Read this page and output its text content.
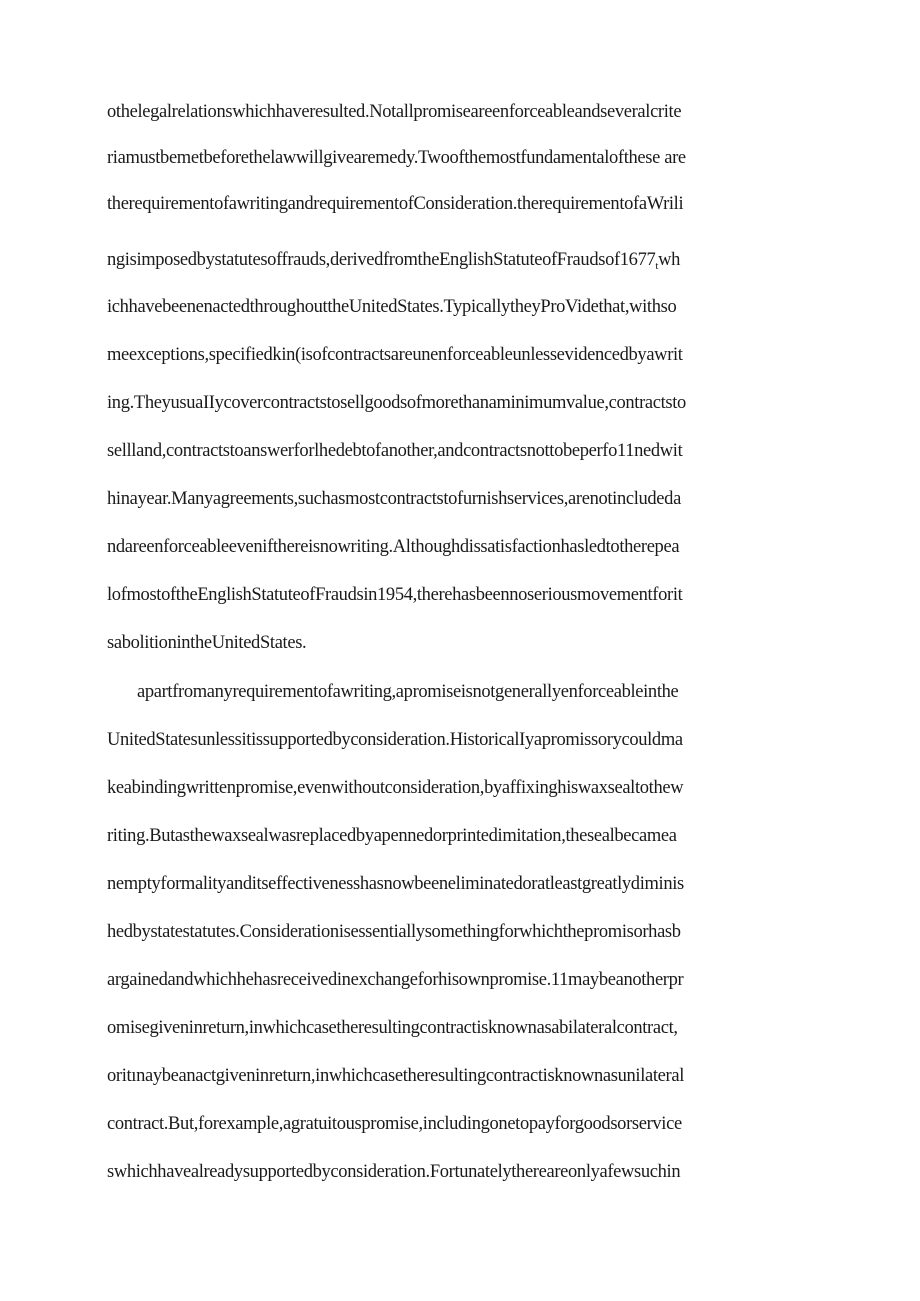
othelegalrelationswhichhaveresulted.Notallpromiseareenforceableandseveralcrite
riamustbemetbeforethelawwillgivearemedy.Twoofthemostfundamentalofthese are
therequirementofawritingandrequirementofConsideration.therequirementofaWrili
$ngisimposedbystatutesoffrauds,derivedfromtheEnglishStatuteofFraudsof1677_twh$
ichhavebeenenactedthroughouttheUnitedStates.TypicallytheyProVidethat,withso
meexceptions,specifiedkin(isofcontractsareunenforceableunlessevidencedbyawrit
ing.TheyusuaIIycovercontractstosellgoodsofmorethanaminimumvalue,contractsto
sellland,contractstoanswerforlhedebtofanother,andcontractsnottobeperfo11nedwit
hinayear.Manyagreements,suchasmostcontractstofurnishservices,arenotincludeda
ndareenforceableevenifthereisnowriting.Althoughdissatisfactionhasledtotherepea
lofmostoftheEnglishStatuteofFraudsin1954,therehasbeennoseriousmovementforit
sabolitionintheUnitedStates.
apartfromanyrequirementofawriting,apromiseisnotgenerallyenforceableinthe
UnitedStatesunlessitissupportedbyconsideration.HistoricalIyapromissorycouldma
keabindingwrittenpromise,evenwithoutconsideration,byaffixinghiswaxsealtothew
riting.Butasthewaxsealwasreplacedbyapennedorprintedimitation,thesealbecamea
nemptyformalityanditseffectivenesshasnowbeeneliminatedoratleastgreatlydiminis
hedbystatestatutes.Considerationisessentiallysomethingforwhichthepromisorhasb
argainedandwhichhehasreceivedinexchangeforhisownpromise.11maybeanotherpr
omisegiveninreturn,inwhichcasetheresultingcontractisknownasabilateralcontract,
oritınaybeanactgiveninreturn,inwhichcasetheresultingcontractisknownasunilateral
contract.But,forexample,agratuitouspromise,includingonetopayforgoodsorservice
swhichhavealreadysupportedbyconsideration.Fortunatelythereareonlyafewsuchin
